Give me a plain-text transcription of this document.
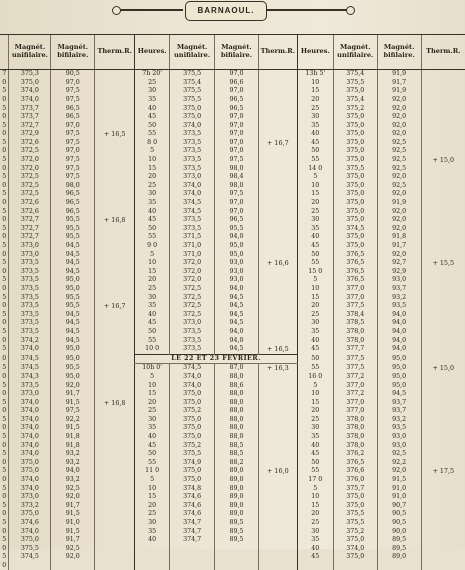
BARNAOUL.
	Magnét.
unifilaire.	Magnét.
bifilaire.	Therm.R.	Heures.	Magnét.
unifilaire.	Magnét.
bifilaire.	Therm.R.	Heures.	Magnét.
unifilaire.	Magnét.
bifilaire.	Therm.R.
7	375,3	90,5		7h 20'	375,5	97,0		13h 5'	375,4	91,9	
0	375,0	97,0		25	375,4	96,6		10	375,5	91,7	
5	374,0	97,5		30	375,5	97,0		15	375,0	91,9	
0	374,0	97,5		35	375,5	96,5		20	375,4	92,0	
5	373,7	96,5		40	375,0	96,5		25	375,2	92,0	
0	373,7	96,5		45	375,0	97,0		30	375,0	92,0	
5	372,7	97,0		50	374,0	97,0		35	375,0	92,0	
0	372,9	97,5	+ 16,5	55	373,5	97,0		40	375,0	92,0	
5	372,6	97,5		8 0	373,5	97,0	+ 16,7	45	375,0	92,5	
0	372,5	97,0		5	373,5	97,0		50	375,0	92,5	
5	372,0	97,5		10	373,5	97,5		55	375,0	92,5	+ 15,0
0	372,0	97,5		15	373,5	98,0		14 0	375,5	92,5	
5	372,5	97,5		20	373,0	98,4		5	375,0	92,0	
0	372,5	98,0		25	374,0	98,0		10	375,0	92,5	
5	372,5	96,5		30	374,0	97,5		15	375,0	92,0	
0	372,6	96,5		35	374,5	97,0		20	375,0	91,9	
5	372,6	96,5		40	374,5	97,0		25	375,0	92,0	
0	372,7	95,5	+ 16,8	45	373,5	96,5		30	375,0	92,0	
5	372,7	95,5		50	373,5	95,5		35	374,5	92,0	
0	372,7	95,5		55	371,5	94,0		40	375,0	91,8	
5	373,0	94,5		9 0	371,0	95,0		45	375,0	91,7	
0	373,0	94,5		5	371,0	95,0		50	376,5	92,0	
5	373,5	94,5		10	372,0	93,0	+ 16,6	55	376,5	92,7	+ 15,5
0	373,5	94,5		15	372,0	93,0		15 0	376,5	92,9	
5	373,5	95,0		20	372,0	93,0		5	376,5	93,0	
0	373,5	95,0		25	372,5	94,0		10	377,0	93,7	
5	373,5	95,5		30	372,5	94,5		15	377,0	93,2	
0	373,5	95,5	+ 16,7	35	372,5	94,5		20	377,5	93,5	
5	373,5	94,5		40	372,5	94,5		25	378,4	94,0	
0	373,5	94,5		45	373,0	94,5		30	378,5	94,0	
5	373,5	94,5		50	373,5	94,0		35	378,0	94,0	
0	374,2	94,5		55	373,5	94,0		40	378,0	94,0	
5	374,0	95,0		10 0	373,5	94,5	+ 16,5	45	377,7	94,0	
0	374,5	95,0		LE 22 ET 23 FÉVRIER.				50	377,5	95,0	
5	374,5	95,5		10h 0'	374,5	87,0	+ 16,3	55	377,5	95,0	+ 15,0
0	374,3	95,0		5	374,0	88,0		16 0	377,2	95,0	
5	373,5	92,0		10	374,0	88,6		5	377,0	95,0	
0	373,0	91,7		15	375,0	88,0		10	377,2	94,5	
5	374,0	91,5	+ 16,8	20	375,0	88,0		15	377,0	93,7	
0	374,0	97,5		25	375,2	88,0		20	377,0	93,7	
5	374,0	92,2		30	375,0	88,0		25	378,0	93,2	
0	374,0	91,5		35	375,0	88,0		30	378,0	93,5	
5	374,0	91,8		40	375,0	88,0		35	378,0	93,0	
0	374,0	91,8		45	375,2	88,5		40	378,0	93,0	
5	374,0	93,2		50	375,5	88,5		45	376,2	92,5	
0	375,0	93,2		55	374,9	88,2		50	376,5	92,2	
5	375,0	94,0		11 0	375,0	89,0	+ 16,0	55	376,6	92,0	+ 17,5
0	374,0	93,2		5	375,0	89,0		17 0	376,0	91,5	
5	374,0	92,5		10	374,8	89,0		5	375,7	91,0	
0	373,0	92,0		15	374,6	89,0		10	375,0	91,0	
5	373,2	91,7		20	374,6	89,0		15	375,0	90,7	
0	375,0	91,5		25	374,6	89,0		20	375,5	90,5	
5	374,6	91,0		30	374,7	89,5		25	375,5	90,5	
0	374,0	91,5		35	374,7	89,5		30	375,2	90,0	
5	375,0	91,7		40	374,7	89,5		35	375,0	89,5	
0	375,5	92,5						40	374,0	89,5	
5	374,5	92,0						45	375,0	89,0	
0											
